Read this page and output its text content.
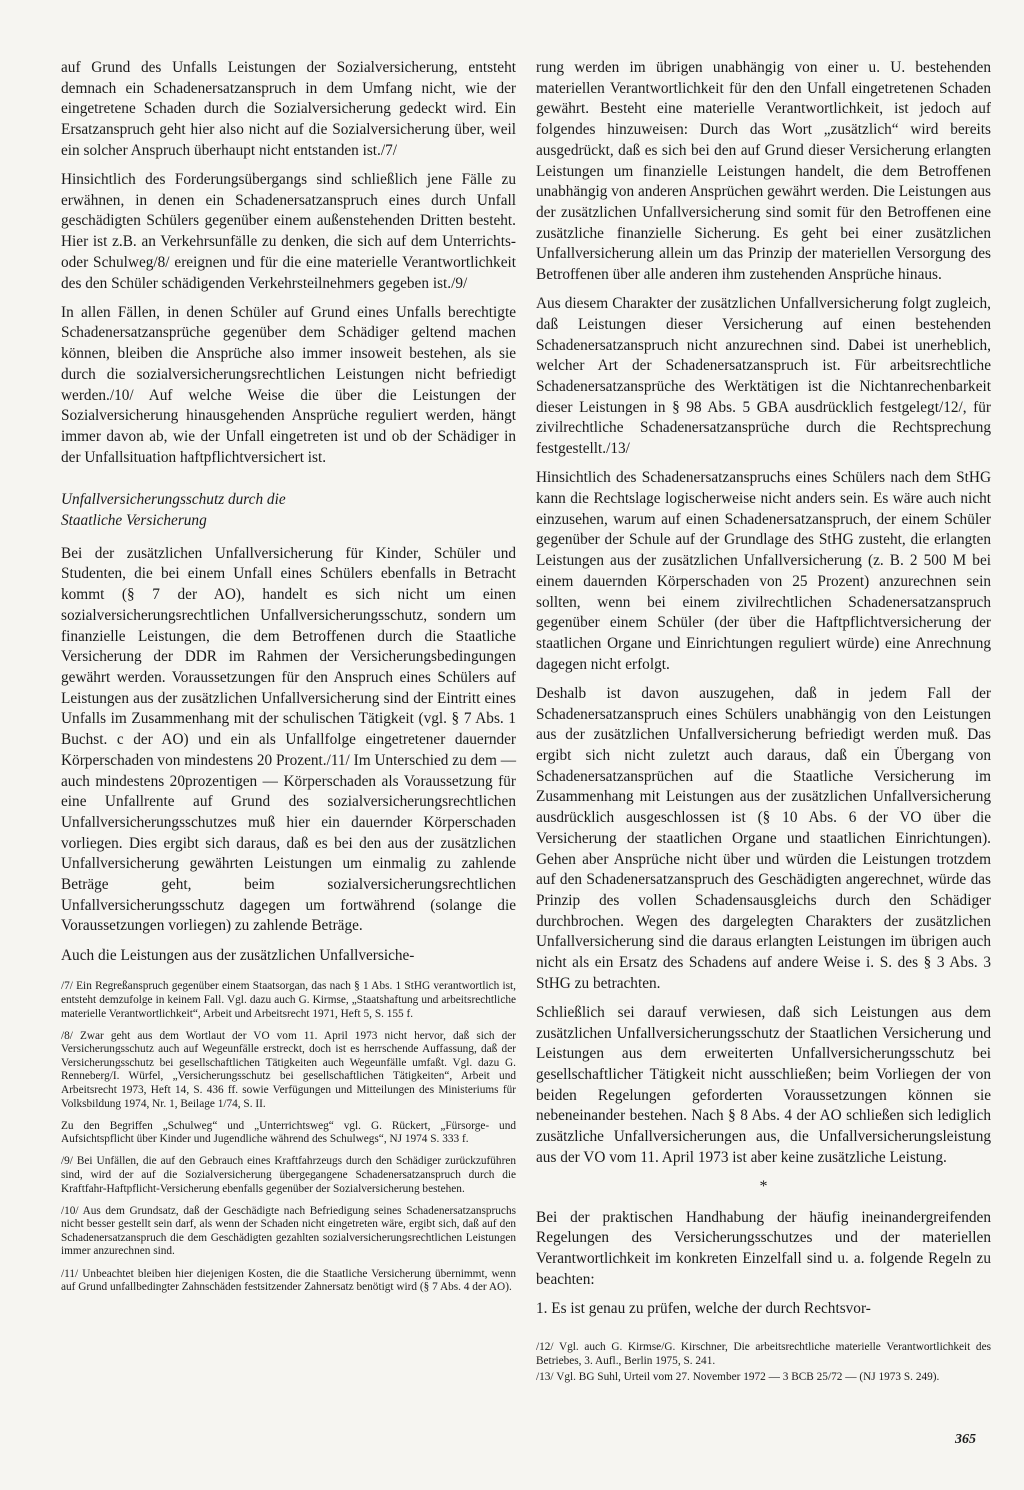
auf Grund des Unfalls Leistungen der Sozialversicherung, entsteht demnach ein Schadenersatzanspruch in dem Umfang nicht, wie der eingetretene Schaden durch die Sozialversicherung gedeckt wird. Ein Ersatzanspruch geht hier also nicht auf die Sozialversicherung über, weil ein solcher Anspruch überhaupt nicht entstanden ist./7/

Hinsichtlich des Forderungsübergangs sind schließlich jene Fälle zu erwähnen, in denen ein Schadenersatzanspruch eines durch Unfall geschädigten Schülers gegenüber einem außenstehenden Dritten besteht. Hier ist z.B. an Verkehrsunfälle zu denken, die sich auf dem Unterrichts- oder Schulweg/8/ ereignen und für die eine materielle Verantwortlichkeit des den Schüler schädigenden Verkehrsteilnehmers gegeben ist./9/

In allen Fällen, in denen Schüler auf Grund eines Unfalls berechtigte Schadenersatzansprüche gegenüber dem Schädiger geltend machen können, bleiben die Ansprüche also immer insoweit bestehen, als sie durch die sozialversicherungsrechtlichen Leistungen nicht befriedigt werden./10/ Auf welche Weise die über die Leistungen der Sozialversicherung hinausgehenden Ansprüche reguliert werden, hängt immer davon ab, wie der Unfall eingetreten ist und ob der Schädiger in der Unfallsituation haftpflichtversichert ist.

Unfallversicherungsschutz durch die
Staatliche Versicherung

Bei der zusätzlichen Unfallversicherung für Kinder, Schüler und Studenten, die bei einem Unfall eines Schülers ebenfalls in Betracht kommt (§ 7 der AO), handelt es sich nicht um einen sozialversicherungsrechtlichen Unfallversicherungsschutz, sondern um finanzielle Leistungen, die dem Betroffenen durch die Staatliche Versicherung der DDR im Rahmen der Versicherungsbedingungen gewährt werden. Voraussetzungen für den Anspruch eines Schülers auf Leistungen aus der zusätzlichen Unfallversicherung sind der Eintritt eines Unfalls im Zusammenhang mit der schulischen Tätigkeit (vgl. § 7 Abs. 1 Buchst. c der AO) und ein als Unfallfolge eingetretener dauernder Körperschaden von mindestens 20 Prozent./11/ Im Unterschied zu dem — auch mindestens 20prozentigen — Körperschaden als Voraussetzung für eine Unfallrente auf Grund des sozialversicherungsrechtlichen Unfallversicherungsschutzes muß hier ein dauernder Körperschaden vorliegen. Dies ergibt sich daraus, daß es bei den aus der zusätzlichen Unfallversicherung gewährten Leistungen um einmalig zu zahlende Beträge geht, beim sozialversicherungsrechtlichen Unfallversicherungsschutz dagegen um fortwährend (solange die Voraussetzungen vorliegen) zu zahlende Beträge.

Auch die Leistungen aus der zusätzlichen Unfallversiche-

/7/ Ein Regreßanspruch gegenüber einem Staatsorgan, das nach § 1 Abs. 1 StHG verantwortlich ist, entsteht demzufolge in keinem Fall. Vgl. dazu auch G. Kirmse, „Staatshaftung und arbeitsrechtliche materielle Verantwortlichkeit“, Arbeit und Arbeitsrecht 1971, Heft 5, S. 155 f.

/8/ Zwar geht aus dem Wortlaut der VO vom 11. April 1973 nicht hervor, daß sich der Versicherungsschutz auch auf Wegeunfälle erstreckt, doch ist es herrschende Auffassung, daß der Versicherungsschutz bei gesellschaftlichen Tätigkeiten auch Wegeunfälle umfaßt. Vgl. dazu G. Renneberg/I. Würfel, „Versicherungsschutz bei gesellschaftlichen Tätigkeiten“, Arbeit und Arbeitsrecht 1973, Heft 14, S. 436 ff. sowie Verfügungen und Mitteilungen des Ministeriums für Volksbildung 1974, Nr. 1, Beilage 1/74, S. II.

Zu den Begriffen „Schulweg“ und „Unterrichtsweg“ vgl. G. Rückert, „Fürsorge- und Aufsichtspflicht über Kinder und Jugendliche während des Schulwegs“, NJ 1974 S. 333 f.

/9/ Bei Unfällen, die auf den Gebrauch eines Kraftfahrzeugs durch den Schädiger zurückzuführen sind, wird der auf die Sozialversicherung übergegangene Schadenersatzanspruch durch die Kraftfahr-Haftpflicht-Versicherung ebenfalls gegenüber der Sozialversicherung bestehen.

/10/ Aus dem Grundsatz, daß der Geschädigte nach Befriedigung seines Schadenersatzanspruchs nicht besser gestellt sein darf, als wenn der Schaden nicht eingetreten wäre, ergibt sich, daß auf den Schadenersatzanspruch die dem Geschädigten gezahlten sozialversicherungsrechtlichen Leistungen immer anzurechnen sind.

/11/ Unbeachtet bleiben hier diejenigen Kosten, die die Staatliche Versicherung übernimmt, wenn auf Grund unfallbedingter Zahnschäden festsitzender Zahnersatz benötigt wird (§ 7 Abs. 4 der AO).

rung werden im übrigen unabhängig von einer u. U. bestehenden materiellen Verantwortlichkeit für den den Unfall eingetretenen Schaden gewährt. Besteht eine materielle Verantwortlichkeit, ist jedoch auf folgendes hinzuweisen: Durch das Wort „zusätzlich“ wird bereits ausgedrückt, daß es sich bei den auf Grund dieser Versicherung erlangten Leistungen um finanzielle Leistungen handelt, die dem Betroffenen unabhängig von anderen Ansprüchen gewährt werden. Die Leistungen aus der zusätzlichen Unfallversicherung sind somit für den Betroffenen eine zusätzliche finanzielle Sicherung. Es geht bei einer zusätzlichen Unfallversicherung allein um das Prinzip der materiellen Versorgung des Betroffenen über alle anderen ihm zustehenden Ansprüche hinaus.

Aus diesem Charakter der zusätzlichen Unfallversicherung folgt zugleich, daß Leistungen dieser Versicherung auf einen bestehenden Schadenersatzanspruch nicht anzurechnen sind. Dabei ist unerheblich, welcher Art der Schadenersatzanspruch ist. Für arbeitsrechtliche Schadenersatzansprüche des Werktätigen ist die Nichtanrechenbarkeit dieser Leistungen in § 98 Abs. 5 GBA ausdrücklich festgelegt/12/, für zivilrechtliche Schadenersatzansprüche durch die Rechtsprechung festgestellt./13/

Hinsichtlich des Schadenersatzanspruchs eines Schülers nach dem StHG kann die Rechtslage logischerweise nicht anders sein. Es wäre auch nicht einzusehen, warum auf einen Schadenersatzanspruch, der einem Schüler gegenüber der Schule auf der Grundlage des StHG zusteht, die erlangten Leistungen aus der zusätzlichen Unfallversicherung (z. B. 2 500 M bei einem dauernden Körperschaden von 25 Prozent) anzurechnen sein sollten, wenn bei einem zivilrechtlichen Schadenersatzanspruch gegenüber einem Schüler (der über die Haftpflichtversicherung der staatlichen Organe und Einrichtungen reguliert würde) eine Anrechnung dagegen nicht erfolgt.

Deshalb ist davon auszugehen, daß in jedem Fall der Schadenersatzanspruch eines Schülers unabhängig von den Leistungen aus der zusätzlichen Unfallversicherung befriedigt werden muß. Das ergibt sich nicht zuletzt auch daraus, daß ein Übergang von Schadenersatzansprüchen auf die Staatliche Versicherung im Zusammenhang mit Leistungen aus der zusätzlichen Unfallversicherung ausdrücklich ausgeschlossen ist (§ 10 Abs. 6 der VO über die Versicherung der staatlichen Organe und staatlichen Einrichtungen). Gehen aber Ansprüche nicht über und würden die Leistungen trotzdem auf den Schadenersatzanspruch des Geschädigten angerechnet, würde das Prinzip des vollen Schadensausgleichs durch den Schädiger durchbrochen. Wegen des dargelegten Charakters der zusätzlichen Unfallversicherung sind die daraus erlangten Leistungen im übrigen auch nicht als ein Ersatz des Schadens auf andere Weise i. S. des § 3 Abs. 3 StHG zu betrachten.

Schließlich sei darauf verwiesen, daß sich Leistungen aus dem zusätzlichen Unfallversicherungsschutz der Staatlichen Versicherung und Leistungen aus dem erweiterten Unfallversicherungsschutz bei gesellschaftlicher Tätigkeit nicht ausschließen; beim Vorliegen der von beiden Regelungen geforderten Voraussetzungen können sie nebeneinander bestehen. Nach § 8 Abs. 4 der AO schließen sich lediglich zusätzliche Unfallversicherungen aus, die Unfallversicherungsleistung aus der VO vom 11. April 1973 ist aber keine zusätzliche Leistung.

*

Bei der praktischen Handhabung der häufig ineinandergreifenden Regelungen des Versicherungsschutzes und der materiellen Verantwortlichkeit im konkreten Einzelfall sind u. a. folgende Regeln zu beachten:

1. Es ist genau zu prüfen, welche der durch Rechtsvor-

/12/ Vgl. auch G. Kirmse/G. Kirschner, Die arbeitsrechtliche materielle Verantwortlichkeit des Betriebes, 3. Aufl., Berlin 1975, S. 241.

/13/ Vgl. BG Suhl, Urteil vom 27. November 1972 — 3 BCB 25/72 — (NJ 1973 S. 249).

365
